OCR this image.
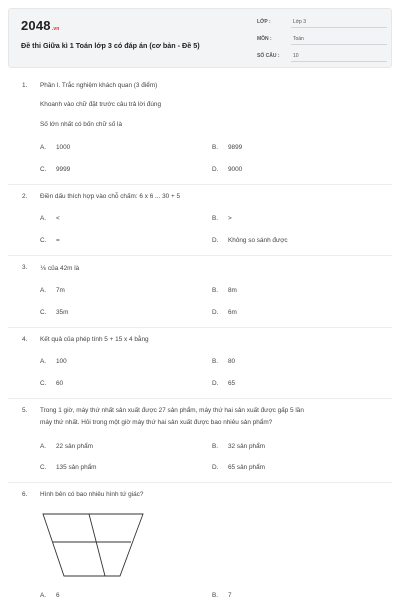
2048.vn
Đề thi Giữa kì 1 Toán lớp 3 có đáp án (cơ bản - Đề 5)
LỚP :	Lớp 3
MÔN :	Toán
SỐ CÂU :	10
1. Phần I. Trắc nghiệm khách quan (3 điểm)
Khoanh vào chữ đặt trước câu trả lời đúng
Số lớn nhất có bốn chữ số là
A. 1000	B. 9899
C. 9999	D. 9000
2. Điền dấu thích hợp vào chỗ chấm: 6 x 6 ... 30 + 5
A. <	B. >
C. =	D. Không so sánh được
3. ⅙ của 42m là
A. 7m	B. 8m
C. 35m	D. 6m
4. Kết quả của phép tính 5 + 15 x 4 bằng
A. 100	B. 80
C. 60	D. 65
5. Trong 1 giờ, máy thứ nhất sản xuất được 27 sản phẩm, máy thứ hai sản xuất được gấp 5 lần
máy thứ nhất. Hỏi trong một giờ máy thứ hai sản xuất được bao nhiêu sản phẩm?
A. 22 sản phẩm	B. 32 sản phẩm
C. 135 sản phẩm	D. 65 sản phẩm
6. Hình bên có bao nhiêu hình tứ giác?
A. 6	B. 7
